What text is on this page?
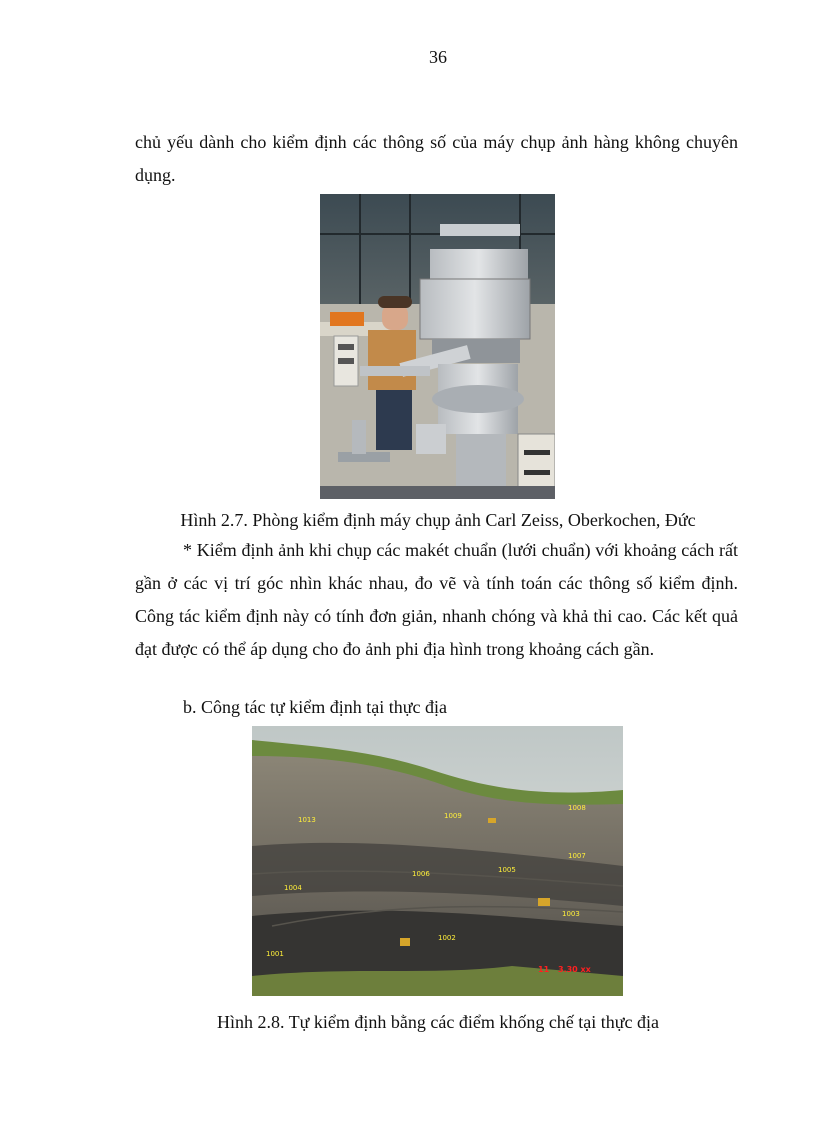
36

chủ yếu dành cho kiểm định các thông số của máy chụp ảnh hàng không chuyên dụng.

Hình 2.7. Phòng kiểm định máy chụp ảnh Carl Zeiss, Oberkochen, Đức

* Kiểm định ảnh khi chụp các makét chuẩn (lưới chuẩn) với khoảng cách rất gần ở các vị trí góc nhìn khác nhau, đo vẽ và tính toán các thông số kiểm định. Công tác kiểm định này có tính đơn giản, nhanh chóng và khả thi cao. Các kết quả đạt được có thể áp dụng cho đo ảnh phi địa hình trong khoảng cách gần.

b. Công tác tự kiểm định tại thực địa
1013	1009
1008
1007
1006	1005
1004
1003
1002
1001
11 3.30 xx
Hình 2.8. Tự kiểm định bằng các điểm khống chế tại thực địa
